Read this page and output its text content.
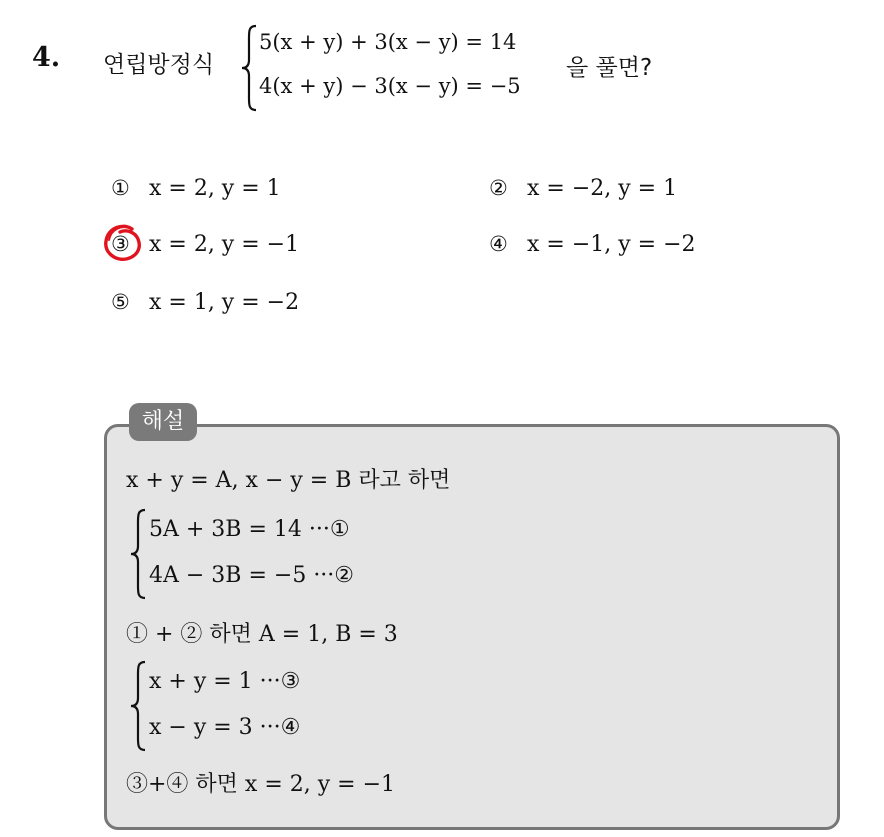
4. 연립방정식
5(x + y) + 3(x − y) = 14
4(x + y) − 3(x − y) = −5
을 풀면?
① x = 2, y = 1	② x = −2, y = 1
③ x = 2, y = −1	④ x = −1, y = −2
⑤ x = 1, y = −2
해설
x + y = A, x − y = B 라고 하면
5A + 3B = 14 ···①
4A − 3B = −5 ···②
① + ② 하면 A = 1, B = 3
x + y = 1 ···③
x − y = 3 ···④
③+④ 하면 x = 2, y = −1
